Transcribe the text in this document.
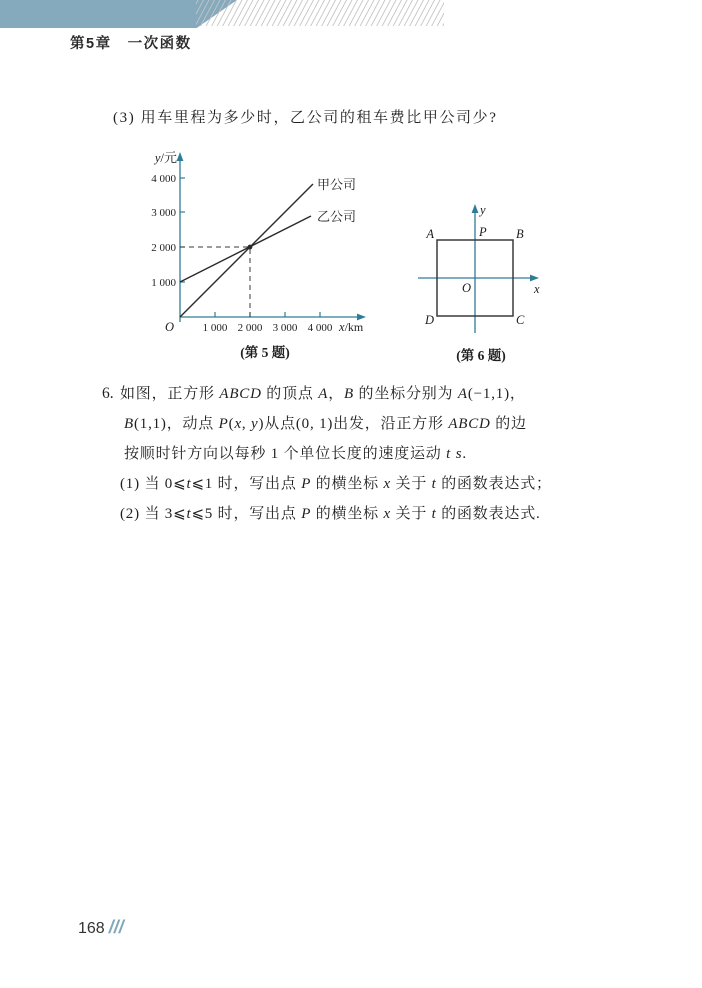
第5章　一次函数
(3) 用车里程为多少时，乙公司的租车费比甲公司少?
4 000
3 000
2 000
1 000
1 000 2 000 3 000 4 000
O
y/元
x/km
甲公司
乙公司
(第 5 题)
A	B
C
D
P
O	x
y
(第 6 题)
6. 如图，正方形 ABCD 的顶点 A，B 的坐标分别为 A(−1,1)，
B(1,1)，动点 P(x, y)从点(0, 1)出发，沿正方形 ABCD 的边
按顺时针方向以每秒 1 个单位长度的速度运动 t s.
(1) 当 0⩽t⩽1 时，写出点 P 的横坐标 x 关于 t 的函数表达式；
(2) 当 3⩽t⩽5 时，写出点 P 的横坐标 x 关于 t 的函数表达式.
168 ///
